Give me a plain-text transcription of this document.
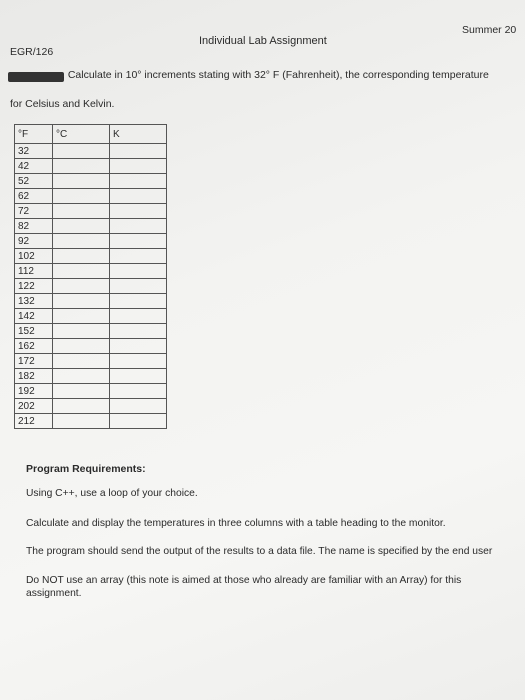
Summer 20
EGR/126
Individual Lab Assignment
, Calculate in 10° increments stating with 32° F (Fahrenheit), the corresponding temperature
for Celsius and Kelvin.
°F	°C	K
32		
42		
52		
62		
72		
82		
92		
102		
112		
122		
132		
142		
152		
162		
172		
182		
192		
202		
212		
Program Requirements:
Using C++, use a loop of your choice.
Calculate and display the temperatures in three columns with a table heading to the monitor.
The program should send the output of the results to a data file. The name is specified by the end user
Do NOT use an array (this note is aimed at those who already are familiar with an Array) for this
assignment.
